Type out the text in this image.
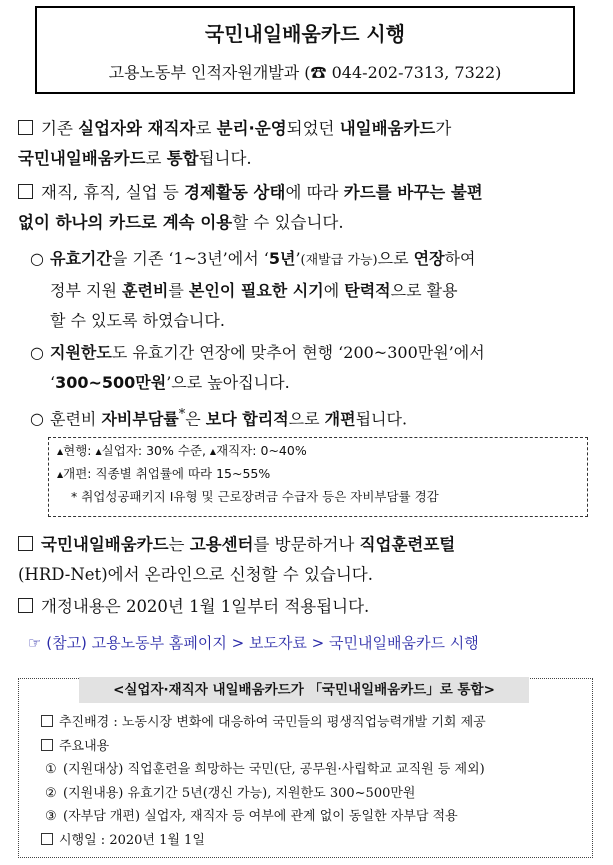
국민내일배움카드 시행
고용노동부 인적자원개발과 (☎ 044-202-7313, 7322)
기존 실업자와 재직자로 분리·운영되었던 내일배움카드가
국민내일배움카드로 통합됩니다.
재직, 휴직, 실업 등 경제활동 상태에 따라 카드를 바꾸는 불편
없이 하나의 카드로 계속 이용할 수 있습니다.
○ 유효기간을 기존 ‘1~3년’에서 ‘5년’(재발급 가능)으로 연장하여
정부 지원 훈련비를 본인이 필요한 시기에 탄력적으로 활용
할 수 있도록 하였습니다.
○ 지원한도도 유효기간 연장에 맞추어 현행 ‘200~300만원’에서
‘300~500만원’으로 높아집니다.
○ 훈련비 자비부담률*은 보다 합리적으로 개편됩니다.
▲현행: ▲실업자: 30% 수준, ▲재직자: 0~40%
▲개편: 직종별 취업률에 따라 15~55%
* 취업성공패키지 Ⅰ유형 및 근로장려금 수급자 등은 자비부담률 경감
국민내일배움카드는 고용센터를 방문하거나 직업훈련포털
(HRD-Net)에서 온라인으로 신청할 수 있습니다.
개정내용은 2020년 1월 1일부터 적용됩니다.
☞ (참고) 고용노동부 홈페이지 > 보도자료 > 국민내일배움카드 시행
<실업자·재직자 내일배움카드가 「국민내일배움카드」로 통합>
추진배경 : 노동시장 변화에 대응하여 국민들의 평생직업능력개발 기회 제공
주요내용
① (지원대상) 직업훈련을 희망하는 국민(단, 공무원·사립학교 교직원 등 제외)
② (지원내용) 유효기간 5년(갱신 가능), 지원한도 300~500만원
③ (자부담 개편) 실업자, 재직자 등 여부에 관계 없이 동일한 자부담 적용
시행일 : 2020년 1월 1일
